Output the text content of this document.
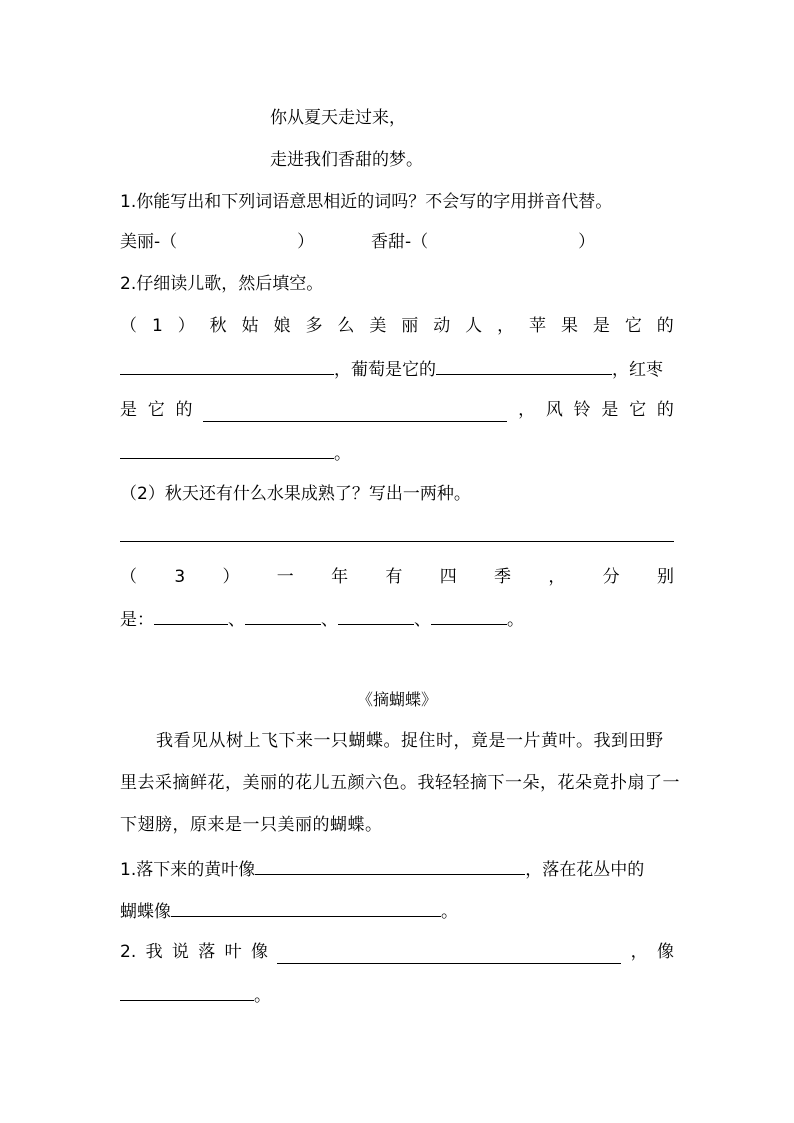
你从夏天走过来，
走进我们香甜的梦。
1.你能写出和下列词语意思相近的词吗？不会写的字用拼音代替。
美丽-（	）	香甜-（	）
2.仔细读儿歌，然后填空。
（ 1 ） 秋 姑 娘 多 么 美 丽 动 人 ， 苹 果 是 它 的
，葡萄是它的	，红枣
是 它 的	， 风 铃 是 它 的
。
（2）秋天还有什么水果成熟了？写出一两种。
（ 3 ） 一 年 有 四 季 ， 分 别
是：	、	、	、	。
《摘蝴蝶》
我看见从树上飞下来一只蝴蝶。捉住时，竟是一片黄叶。我到田野里去采摘鲜花，美丽的花儿五颜六色。我轻轻摘下一朵，花朵竟扑扇了一下翅膀，原来是一只美丽的蝴蝶。
1.落下来的黄叶像	，落在花丛中的
蝴蝶像	。
2. 我 说 落 叶 像	， 像
。
